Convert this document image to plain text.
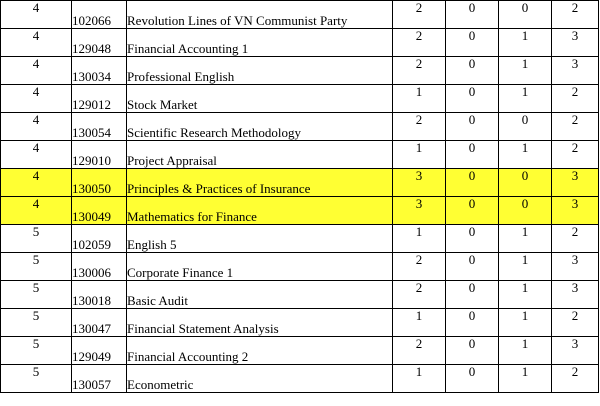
4	102066	Revolution Lines of VN Communist Party	2	0	0	2
4	129048	Financial Accounting 1	2	0	1	3
4	130034	Professional English	2	0	1	3
4	129012	Stock Market	1	0	1	2
4	130054	Scientific Research Methodology	2	0	0	2
4	129010	Project Appraisal	1	0	1	2
4	130050	Principles & Practices of Insurance	3	0	0	3
4	130049	Mathematics for Finance	3	0	0	3
5	102059	English 5	1	0	1	2
5	130006	Corporate Finance 1	2	0	1	3
5	130018	Basic Audit	2	0	1	3
5	130047	Financial Statement Analysis	1	0	1	2
5	129049	Financial Accounting 2	2	0	1	3
5	130057	Econometric	1	0	1	2
